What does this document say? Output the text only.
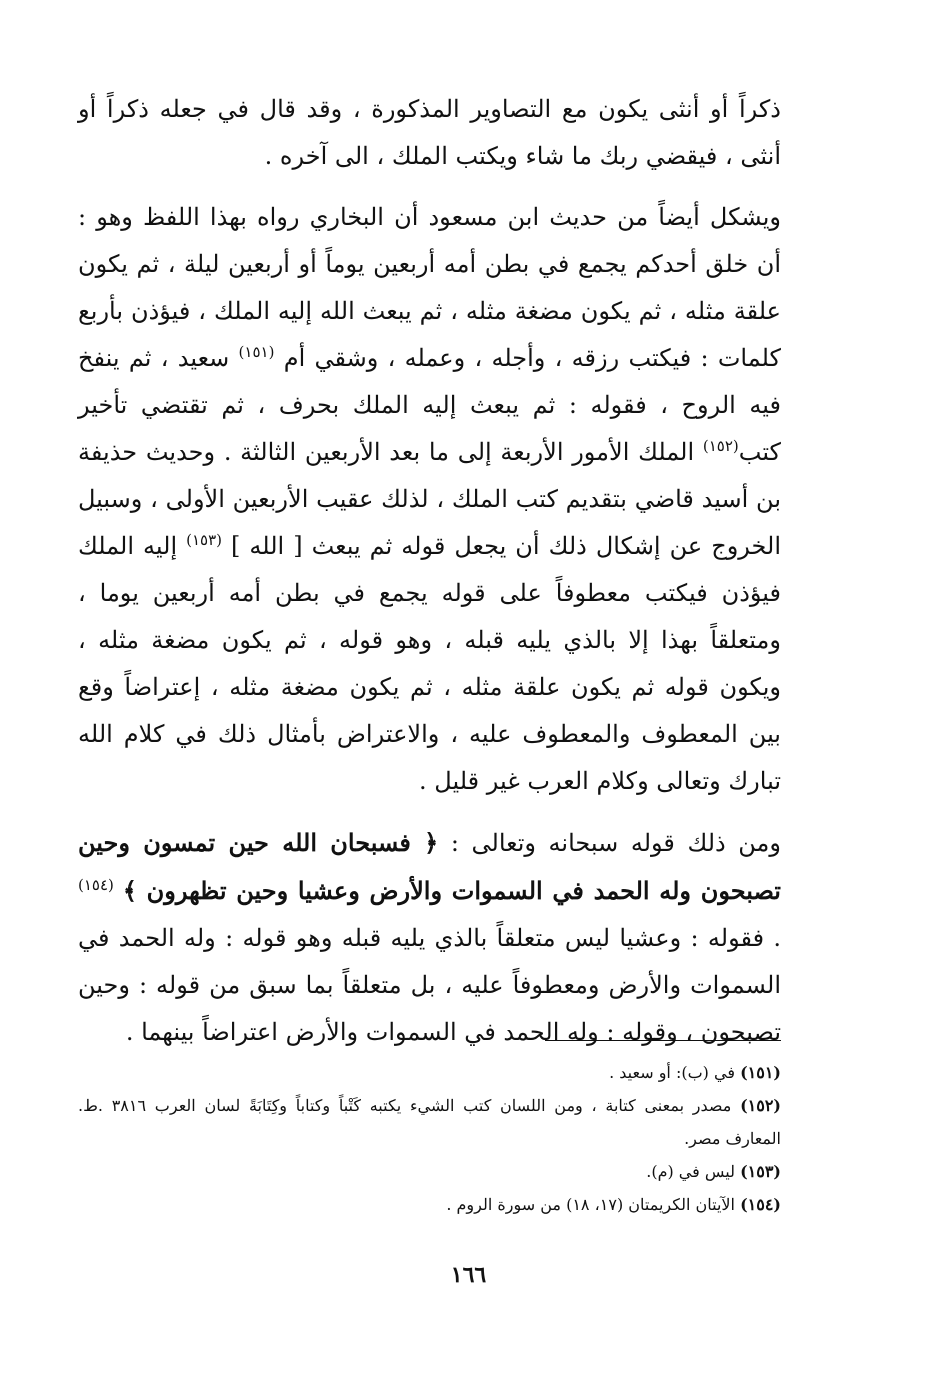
ذكراً أو أنثى يكون مع التصاوير المذكورة ، وقد قال في جعله ذكراً أو أنثى ، فيقضي ربك ما شاء ويكتب الملك ، الى آخره .

ويشكل أيضاً من حديث ابن مسعود أن البخاري رواه بهذا اللفظ وهو : أن خلق أحدكم يجمع في بطن أمه أربعين يوماً أو أربعين ليلة ، ثم يكون علقة مثله ، ثم يكون مضغة مثله ، ثم يبعث الله إليه الملك ، فيؤذن بأربع كلمات : فيكتب رزقه ، وأجله ، وعمله ، وشقي أم $^{(١٥١)}$ سعيد ، ثم ينفخ فيه الروح ، فقوله : ثم يبعث إليه الملك بحرف ، ثم تقتضي تأخير كتب$^{(١٥٢)}$ الملك الأمور الأربعة إلى ما بعد الأربعين الثالثة . وحديث حذيفة بن أسيد قاضي بتقديم كتب الملك ، لذلك عقيب الأربعين الأولى ، وسبيل الخروج عن إشكال ذلك أن يجعل قوله ثم يبعث [ الله ] $^{(١٥٣)}$ إليه الملك فيؤذن فيكتب معطوفاً على قوله يجمع في بطن أمه أربعين يوما ، ومتعلقاً بهذا إلا بالذي يليه قبله ، وهو قوله ، ثم يكون مضغة مثله ، ويكون قوله ثم يكون علقة مثله ، ثم يكون مضغة مثله ، إعتراضاً وقع بين المعطوف والمعطوف عليه ، والاعتراض بأمثال ذلك في كلام الله تبارك وتعالى وكلام العرب غير قليل .

ومن ذلك قوله سبحانه وتعالى : ﴿ فسبحان الله حين تمسون وحين تصبحون وله الحمد في السموات والأرض وعشيا وحين تظهرون ﴾ $^{(١٥٤)}$ . فقوله : وعشيا ليس متعلقاً بالذي يليه قبله وهو قوله : وله الحمد في السموات والأرض ومعطوفاً عليه ، بل متعلقاً بما سبق من قوله : وحين تصبحون ، وقوله : وله الحمد في السموات والأرض اعتراضاً بينهما .

(١٥١) في (ب): أو سعيد .

(١٥٢) مصدر بمعنى كتابة ، ومن اللسان كتب الشيء يكتبه كَتْباً وكتاباً وكِتَابَةً لسان العرب ٣٨١٦ .ط. المعارف مصر.

(١٥٣) ليس في (م).

(١٥٤) الآيتان الكريمتان (١٧، ١٨) من سورة الروم .

١٦٦
